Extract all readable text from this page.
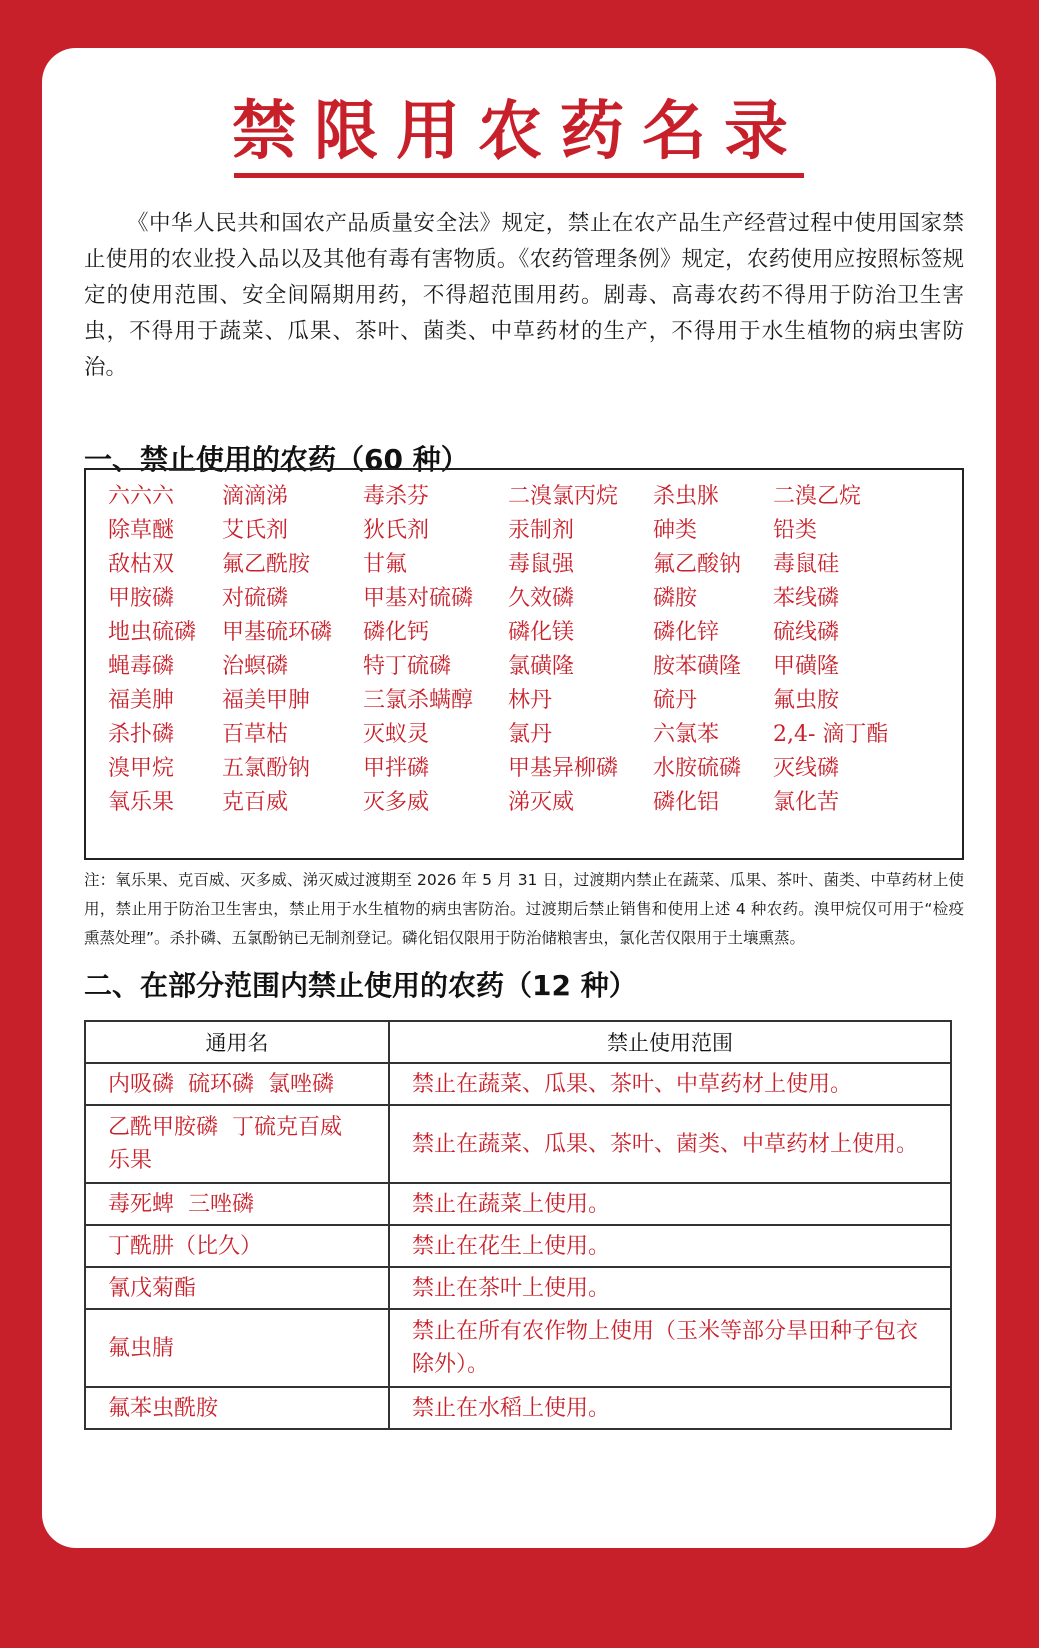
禁限用农药名录

《中华人民共和国农产品质量安全法》规定，禁止在农产品生产经营过程中使用国家禁止使用的农业投入品以及其他有毒有害物质。《农药管理条例》规定，农药使用应按照标签规定的使用范围、安全间隔期用药，不得超范围用药。剧毒、高毒农药不得用于防治卫生害虫，不得用于蔬菜、瓜果、茶叶、菌类、中草药材的生产，不得用于水生植物的病虫害防治。

一、禁止使用的农药（60 种）
六六六	滴滴涕	毒杀芬	二溴氯丙烷	杀虫脒	二溴乙烷
除草醚	艾氏剂	狄氏剂	汞制剂	砷类	铅类
敌枯双	氟乙酰胺	甘氟	毒鼠强	氟乙酸钠	毒鼠硅
甲胺磷	对硫磷	甲基对硫磷	久效磷	磷胺	苯线磷
地虫硫磷	甲基硫环磷	磷化钙	磷化镁	磷化锌	硫线磷
蝇毒磷	治螟磷	特丁硫磷	氯磺隆	胺苯磺隆	甲磺隆
福美胂	福美甲胂	三氯杀螨醇	林丹	硫丹	氟虫胺
杀扑磷	百草枯	灭蚁灵	氯丹	六氯苯	2,4- 滴丁酯
溴甲烷	五氯酚钠	甲拌磷	甲基异柳磷	水胺硫磷	灭线磷
氧乐果	克百威	灭多威	涕灭威	磷化铝	氯化苦

注：氧乐果、克百威、灭多威、涕灭威过渡期至 2026 年 5 月 31 日，过渡期内禁止在蔬菜、瓜果、茶叶、菌类、中草药材上使用，禁止用于防治卫生害虫，禁止用于水生植物的病虫害防治。过渡期后禁止销售和使用上述 4 种农药。溴甲烷仅可用于“检疫熏蒸处理”。杀扑磷、五氯酚钠已无制剂登记。磷化铝仅限用于防治储粮害虫，氯化苦仅限用于土壤熏蒸。

二、在部分范围内禁止使用的农药（12 种）
通用名	禁止使用范围
内吸磷  硫环磷  氯唑磷	禁止在蔬菜、瓜果、茶叶、中草药材上使用。
乙酰甲胺磷  丁硫克百威  乐果	禁止在蔬菜、瓜果、茶叶、菌类、中草药材上使用。
毒死蜱  三唑磷	禁止在蔬菜上使用。
丁酰肼（比久）	禁止在花生上使用。
氰戊菊酯	禁止在茶叶上使用。
氟虫腈	禁止在所有农作物上使用（玉米等部分旱田种子包衣除外）。
氟苯虫酰胺	禁止在水稻上使用。
农业农村部农产品质量安全监管司 二〇二五年制
